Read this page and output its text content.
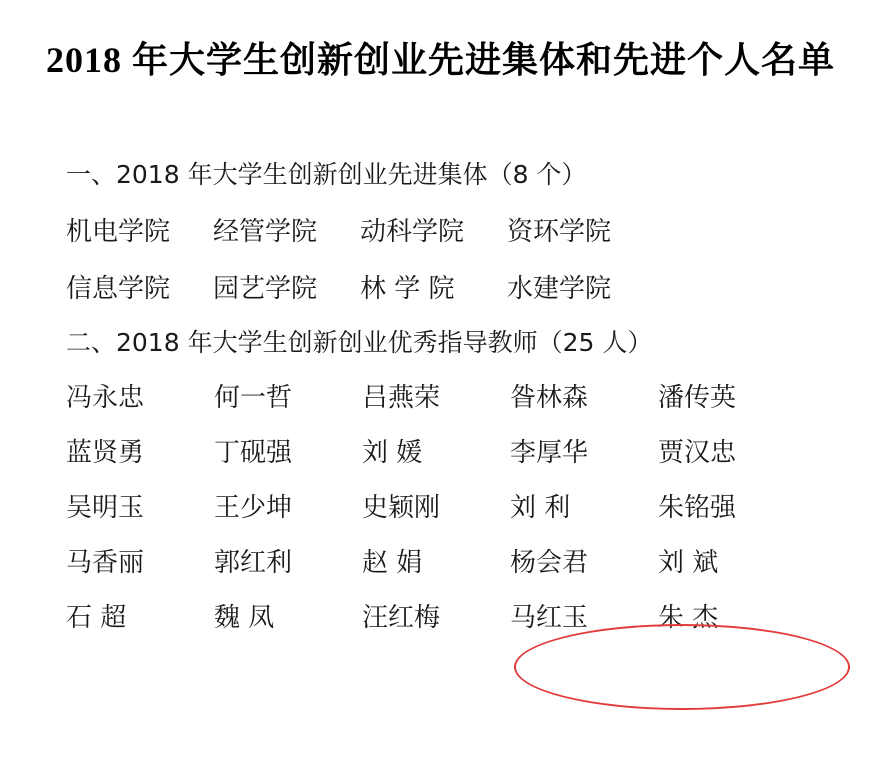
2018 年大学生创新创业先进集体和先进个人名单
一、2018 年大学生创新创业先进集体（8 个）
机电学院	经管学院	动科学院	资环学院
信息学院	园艺学院	林 学 院	水建学院
二、2018 年大学生创新创业优秀指导教师（25 人）
冯永忠	何一哲	吕燕荣	昝林森	潘传英
蓝贤勇	丁砚强	刘 媛	李厚华	贾汉忠
吴明玉	王少坤	史颖刚	刘 利	朱铭强
马香丽	郭红利	赵 娟	杨会君	刘 斌
石 超	魏 凤	汪红梅	马红玉	朱 杰
